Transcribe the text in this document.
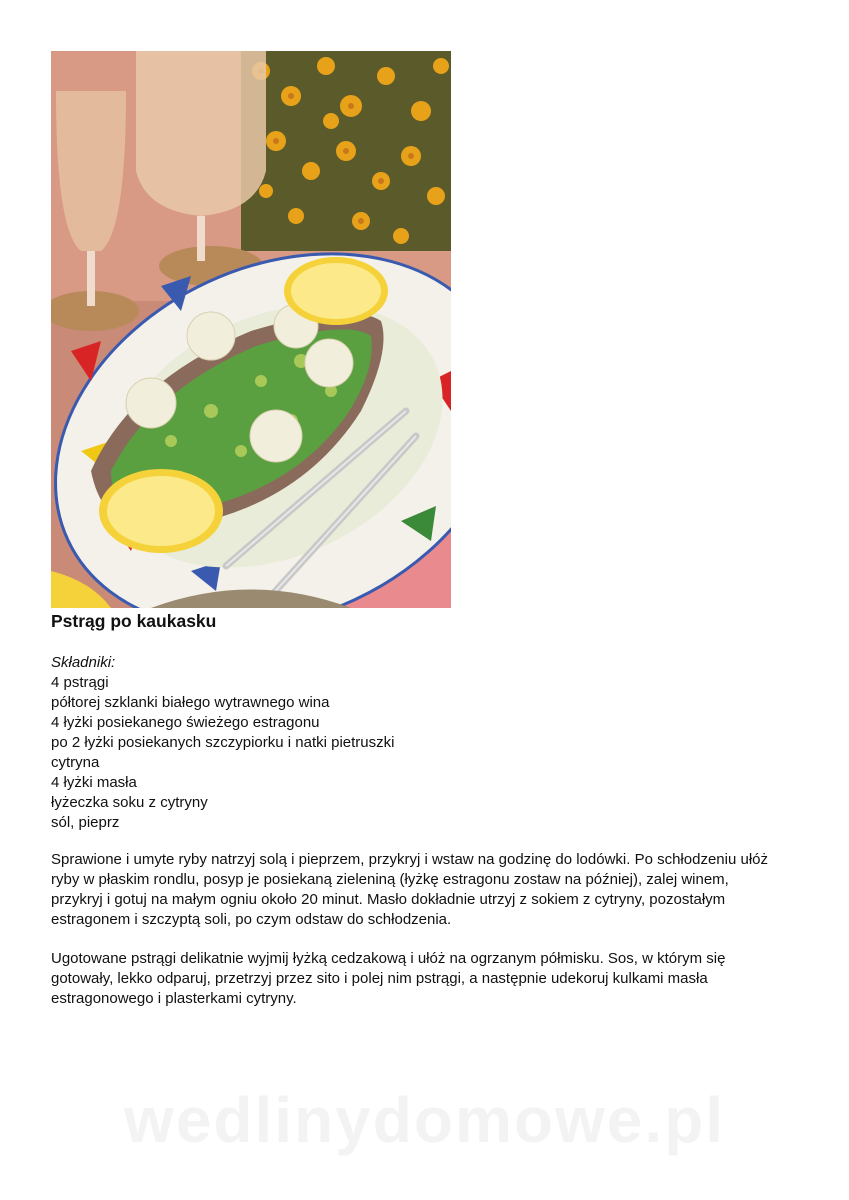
Pstrąg po kaukasku
Składniki:
4 pstrągi
półtorej szklanki białego wytrawnego wina
4 łyżki posiekanego świeżego estragonu
po 2 łyżki posiekanych szczypiorku i natki pietruszki
cytryna
4 łyżki masła
łyżeczka soku z cytryny
sól, pieprz

Sprawione i umyte ryby natrzyj solą i pieprzem, przykryj i wstaw na godzinę do lodówki. Po schłodzeniu ułóż ryby w płaskim rondlu, posyp je posiekaną zieleniną (łyżkę estragonu zostaw na później), zalej winem, przykryj i gotuj na małym ogniu około 20 minut. Masło dokładnie utrzyj z sokiem z cytryny, pozostałym estragonem i szczyptą soli, po czym odstaw do schłodzenia.

Ugotowane pstrągi delikatnie wyjmij łyżką cedzakową i ułóż na ogrzanym półmisku. Sos, w którym się gotowały, lekko odparuj, przetrzyj przez sito i polej nim pstrągi, a następnie udekoruj kulkami masła estragonowego i plasterkami cytryny.

wedlinydomowe.pl
